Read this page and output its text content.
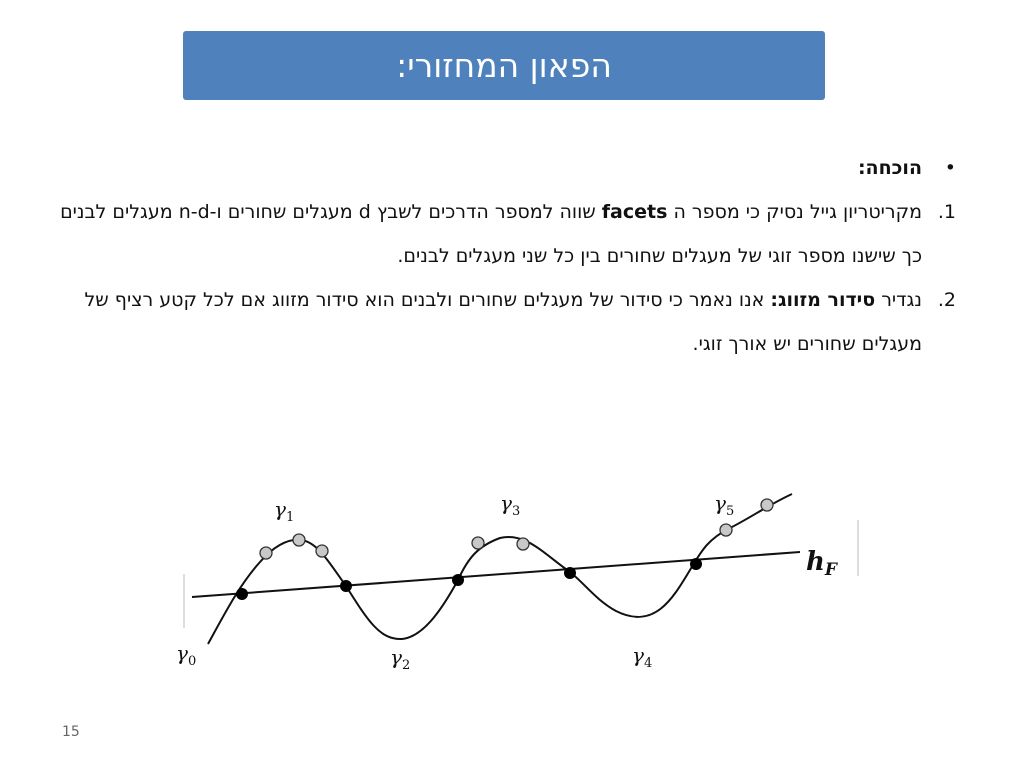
הפאון המחזורי:
•
הוכחה:
1.
מקריטריון גייל נסיק כי מספר ה facets שווה למספר הדרכים לשבץ d מעגלים שחורים ו-n-d מעגלים לבנים כך שישנו מספר זוגי של מעגלים שחורים בין כל שני מעגלים לבנים.
2.
נגדיר סידור מזווג: אנו נאמר כי סידור של מעגלים שחורים ולבנים הוא סידור מזווג אם לכל קטע רציף של מעגלים שחורים יש אורך זוגי.
$\gamma_1$
$\gamma_3$	$\gamma_5$
$\gamma_0$	$\gamma_2$	$\gamma_4$
hF
15
